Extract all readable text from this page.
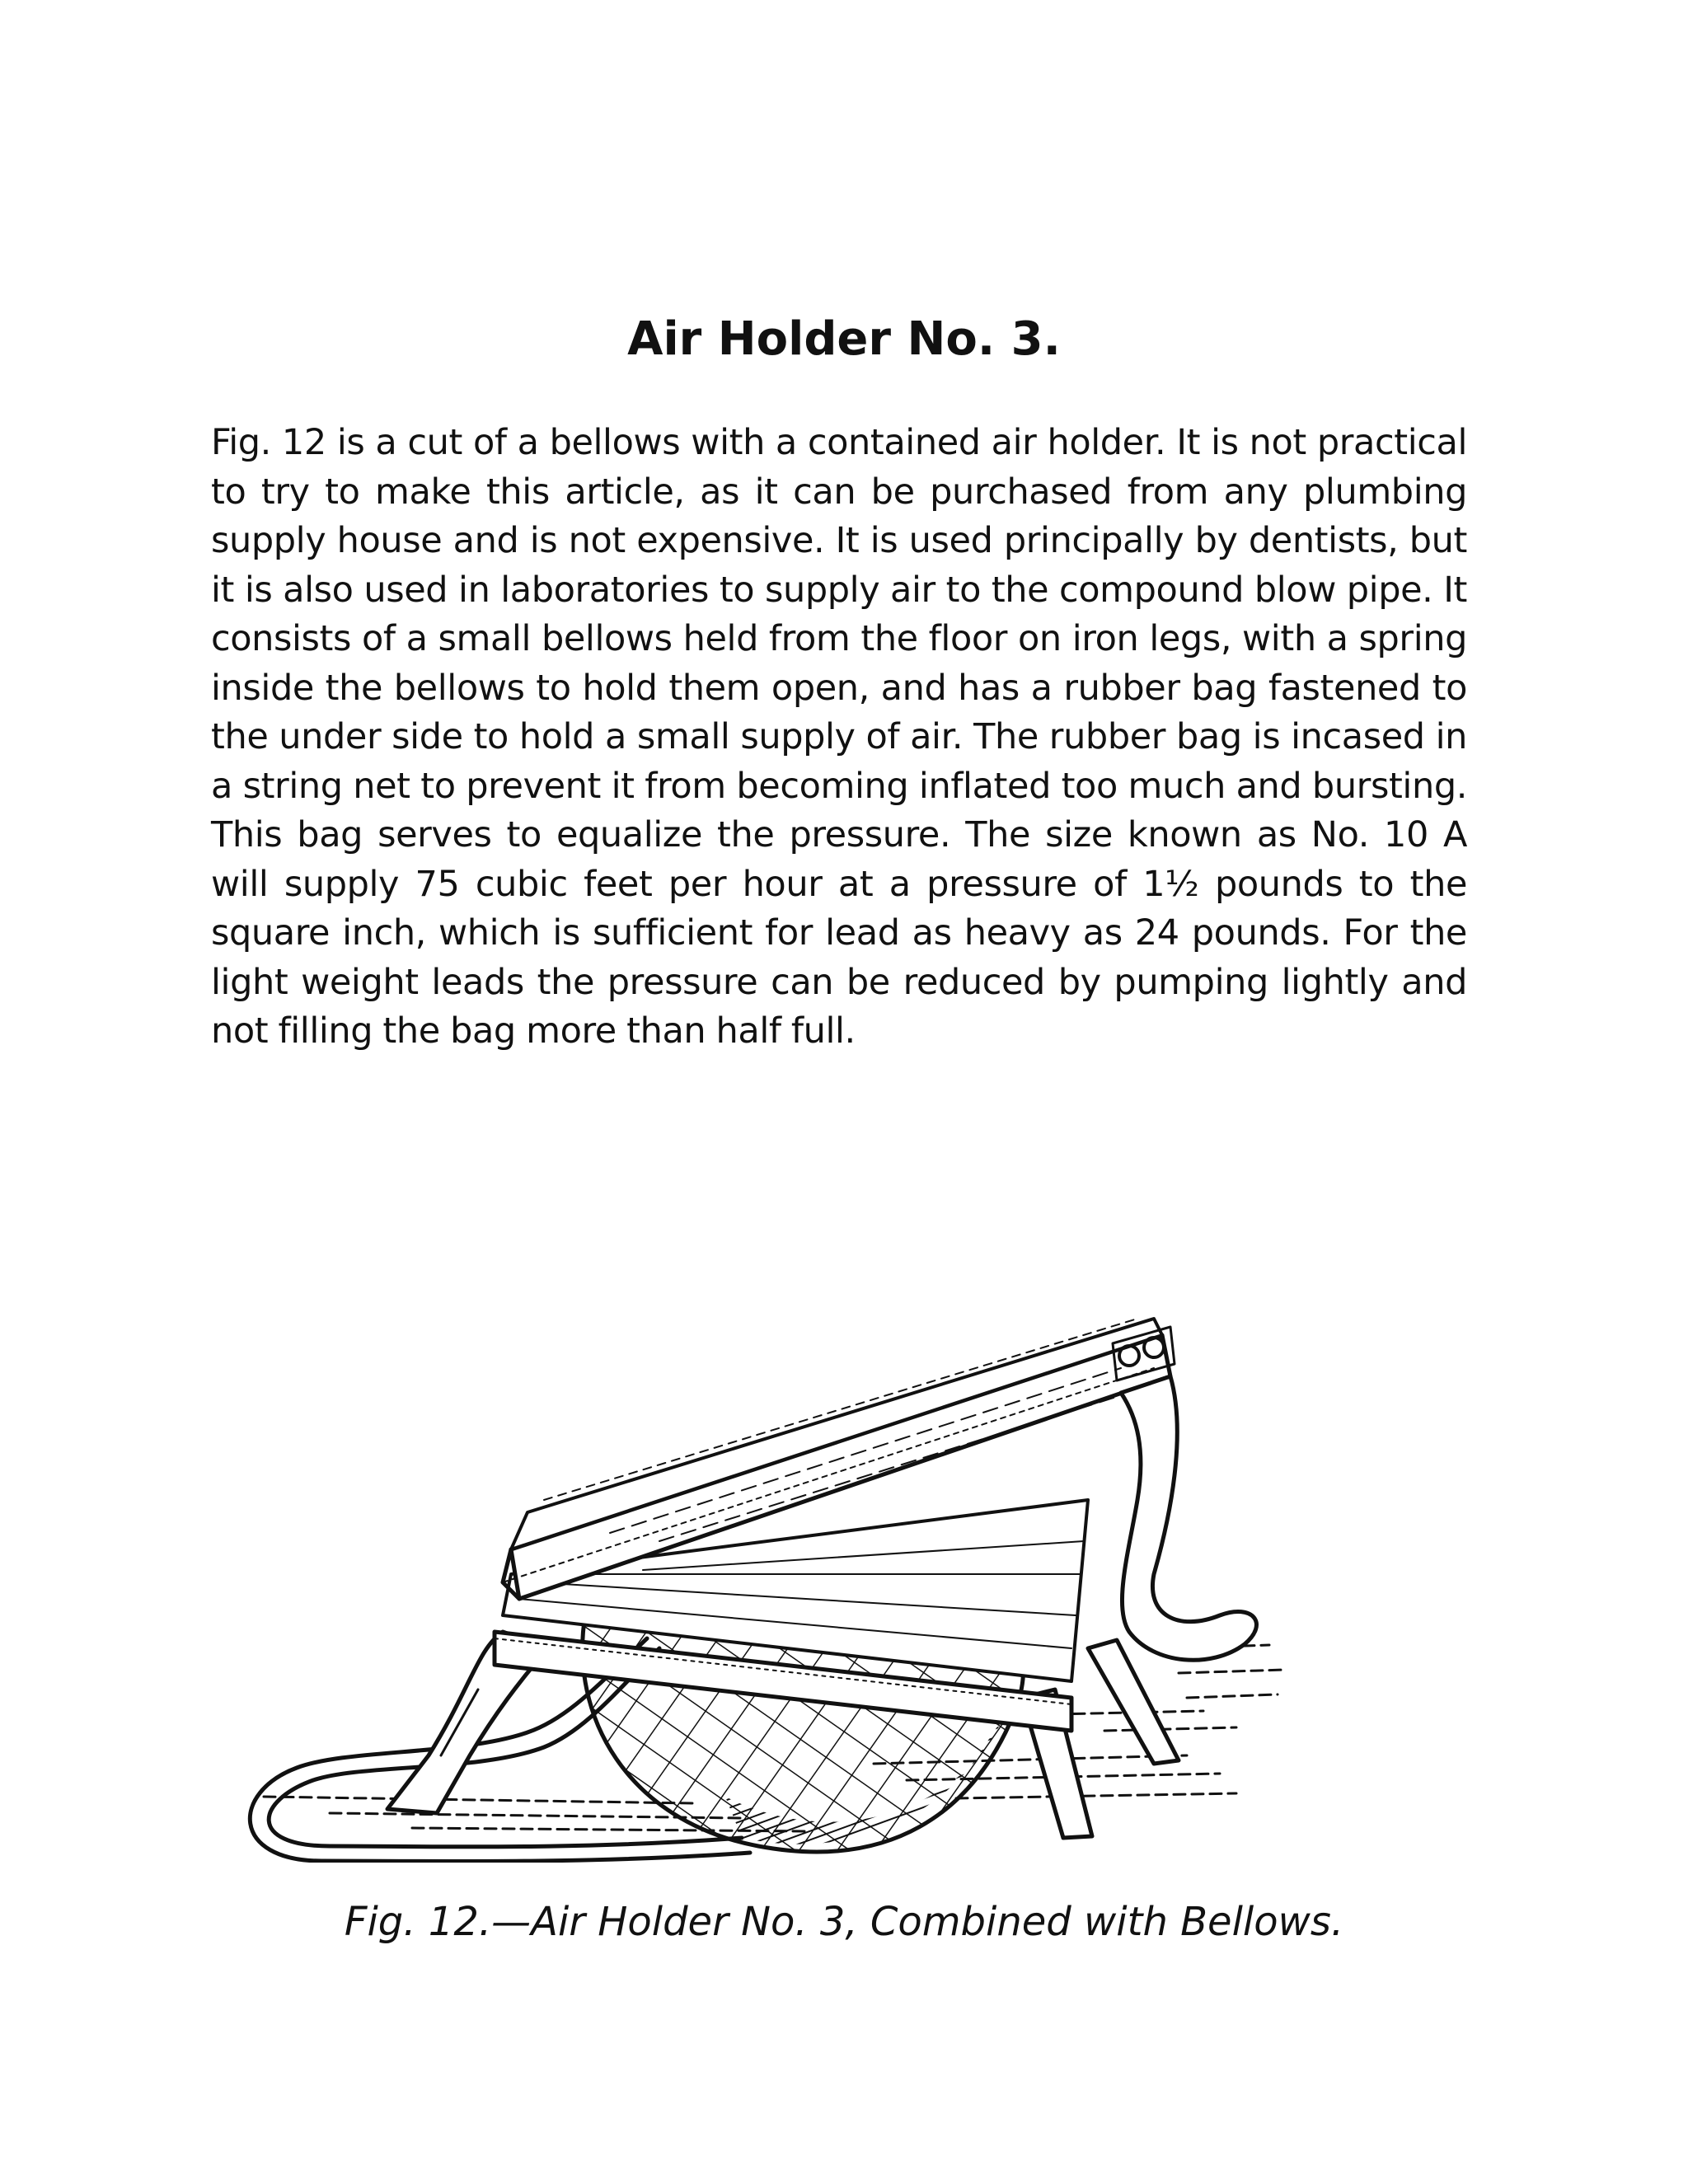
Air Holder No. 3.

Fig. 12 is a cut of a bellows with a contained air holder. It is not practical to try to make this article, as it can be purchased from any plumbing supply house and is not expensive. It is used principally by dentists, but it is also used in laboratories to supply air to the compound blow pipe. It consists of a small bellows held from the floor on iron legs, with a spring inside the bellows to hold them open, and has a rubber bag fastened to the under side to hold a small supply of air. The rubber bag is incased in a string net to prevent it from becoming inflated too much and bursting. This bag serves to equalize the pressure. The size known as No. 10 A will supply 75 cubic feet per hour at a pressure of 1½ pounds to the square inch, which is sufficient for lead as heavy as 24 pounds. For the light weight leads the pressure can be reduced by pumping lightly and not filling the bag more than half full.

Fig. 12.—Air Holder No. 3, Combined with Bellows.
